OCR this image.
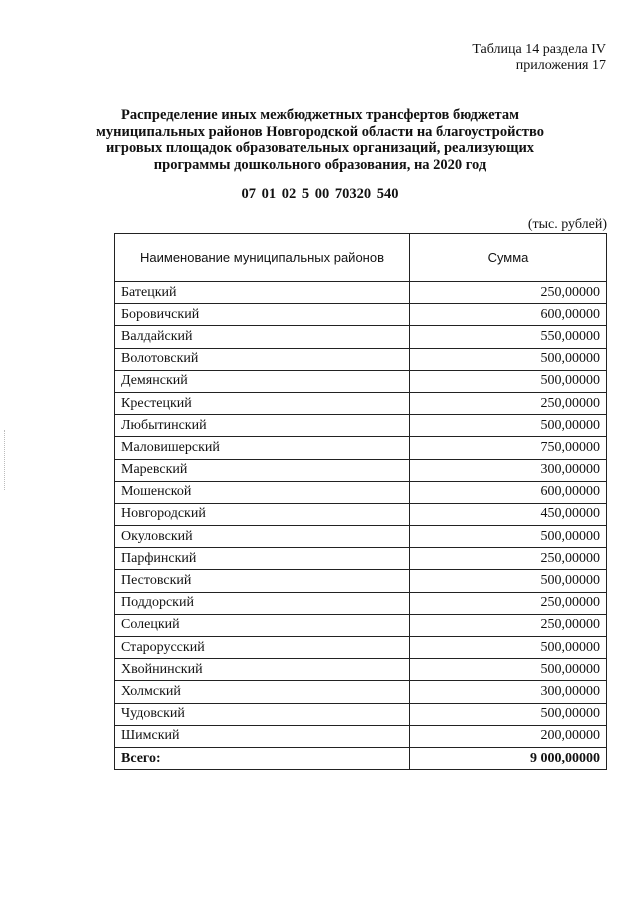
Таблица 14 раздела IV
приложения 17
Распределение иных межбюджетных трансфертов бюджетам
муниципальных районов Новгородской области на благоустройство
игровых площадок образовательных организаций, реализующих
программы дошкольного образования, на 2020 год
07 01 02 5 00 70320 540
(тыс. рублей)
Наименование муниципальных районов	Сумма
Батецкий	250,00000
Боровичский	600,00000
Валдайский	550,00000
Волотовский	500,00000
Демянский	500,00000
Крестецкий	250,00000
Любытинский	500,00000
Маловишерский	750,00000
Маревский	300,00000
Мошенской	600,00000
Новгородский	450,00000
Окуловский	500,00000
Парфинский	250,00000
Пестовский	500,00000
Поддорский	250,00000
Солецкий	250,00000
Старорусский	500,00000
Хвойнинский	500,00000
Холмский	300,00000
Чудовский	500,00000
Шимский	200,00000
Всего:	9 000,00000
